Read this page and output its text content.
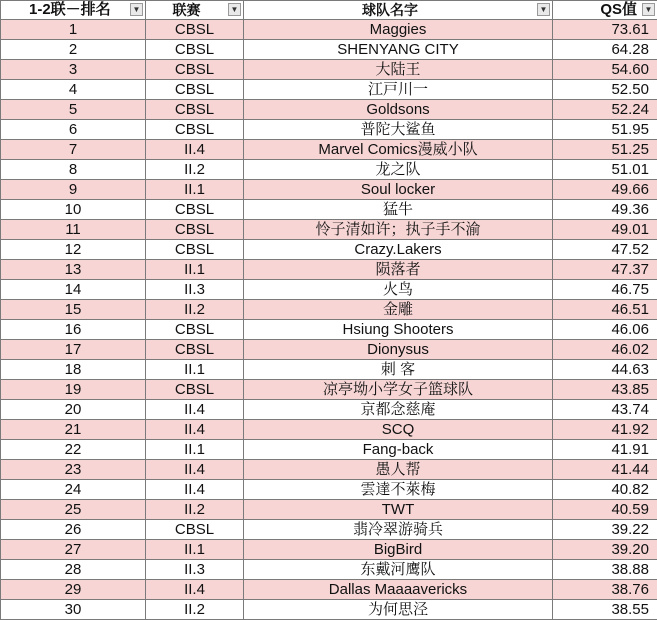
1-2联－排名 ▼	联赛 ▼	球队名字 ▼	QS值 ▼

1	CBSL	Maggies	73.61
2	CBSL	SHENYANG CITY	64.28
3	CBSL	大陆王	54.60
4	CBSL	江戸川一	52.50
5	CBSL	Goldsons	52.24
6	CBSL	普陀大鲨鱼	51.95
7	II.4	Marvel Comics漫威小队	51.25
8	II.2	龙之队	51.01
9	II.1	Soul locker	49.66
10	CBSL	猛牛	49.36
11	CBSL	怜子清如许；执子手不渝	49.01
12	CBSL	Crazy.Lakers	47.52
13	II.1	陨落者	47.37
14	II.3	火鸟	46.75
15	II.2	金雕	46.51
16	CBSL	Hsiung Shooters	46.06
17	CBSL	Dionysus	46.02
18	II.1	刺 客	44.63
19	CBSL	凉亭坳小学女子篮球队	43.85
20	II.4	京都念慈庵	43.74
21	II.4	SCQ	41.92
22	II.1	Fang-back	41.91
23	II.4	愚人帮	41.44
24	II.4	雲達不萊梅	40.82
25	II.2	TWT	40.59
26	CBSL	翡冷翠游骑兵	39.22
27	II.1	BigBird	39.20
28	II.3	东戴河鹰队	38.88
29	II.4	Dallas Maaaavericks	38.76
30	II.2	为何思泾	38.55
